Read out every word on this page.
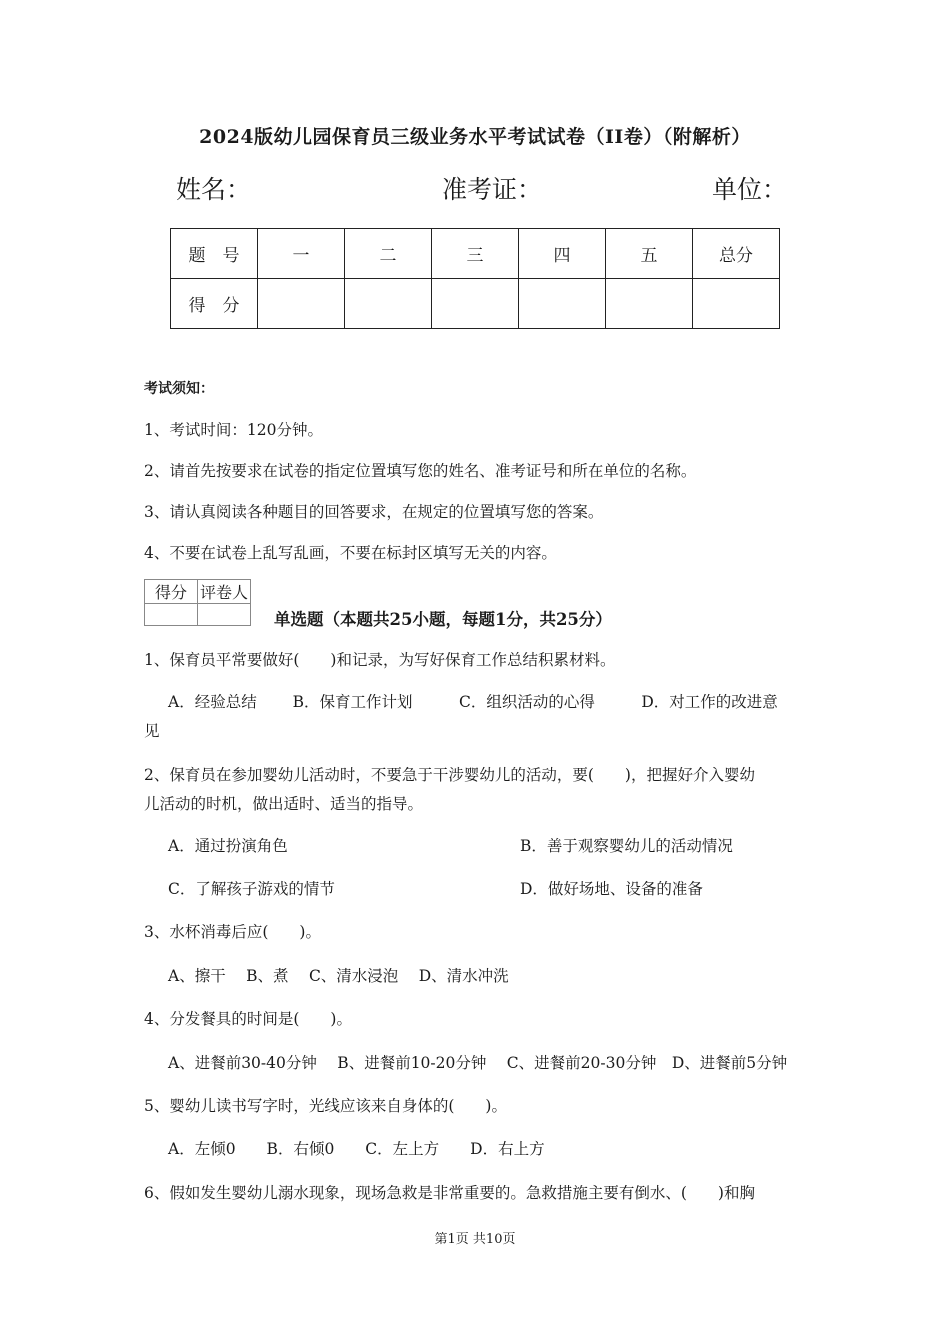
2024版幼儿园保育员三级业务水平考试试卷（II卷）（附解析）
姓名：	准考证：	单位：
题　号	一	二	三	四	五	总分
得　分						
考试须知：
1、考试时间：120分钟。
2、请首先按要求在试卷的指定位置填写您的姓名、准考证号和所在单位的名称。
3、请认真阅读各种题目的回答要求，在规定的位置填写您的答案。
4、不要在试卷上乱写乱画，不要在标封区填写无关的内容。
得分	评卷人

单选题（本题共25小题，每题1分，共25分）
1、保育员平常要做好(　　)和记录，为写好保育工作总结积累材料。
A．经验总结　　 B．保育工作计划　　　C．组织活动的心得　　　D．对工作的改进意
见
2、保育员在参加婴幼儿活动时，不要急于干涉婴幼儿的活动，要(　　)，把握好介入婴幼
儿活动的时机，做出适时、适当的指导。
A．通过扮演角色	B．善于观察婴幼儿的活动情况
C．了解孩子游戏的情节	D．做好场地、设备的准备
3、水杯消毒后应(　　)。
A、擦干　 B、煮　 C、清水浸泡　 D、清水冲洗
4、分发餐具的时间是(　　)。
A、进餐前30-40分钟　 B、进餐前10-20分钟　 C、进餐前20-30分钟　D、进餐前5分钟
5、婴幼儿读书写字时，光线应该来自身体的(　　)。
A．左倾0　　B．右倾0　　C．左上方　　D．右上方
6、假如发生婴幼儿溺水现象，现场急救是非常重要的。急救措施主要有倒水、(　　)和胸
第1页 共10页
